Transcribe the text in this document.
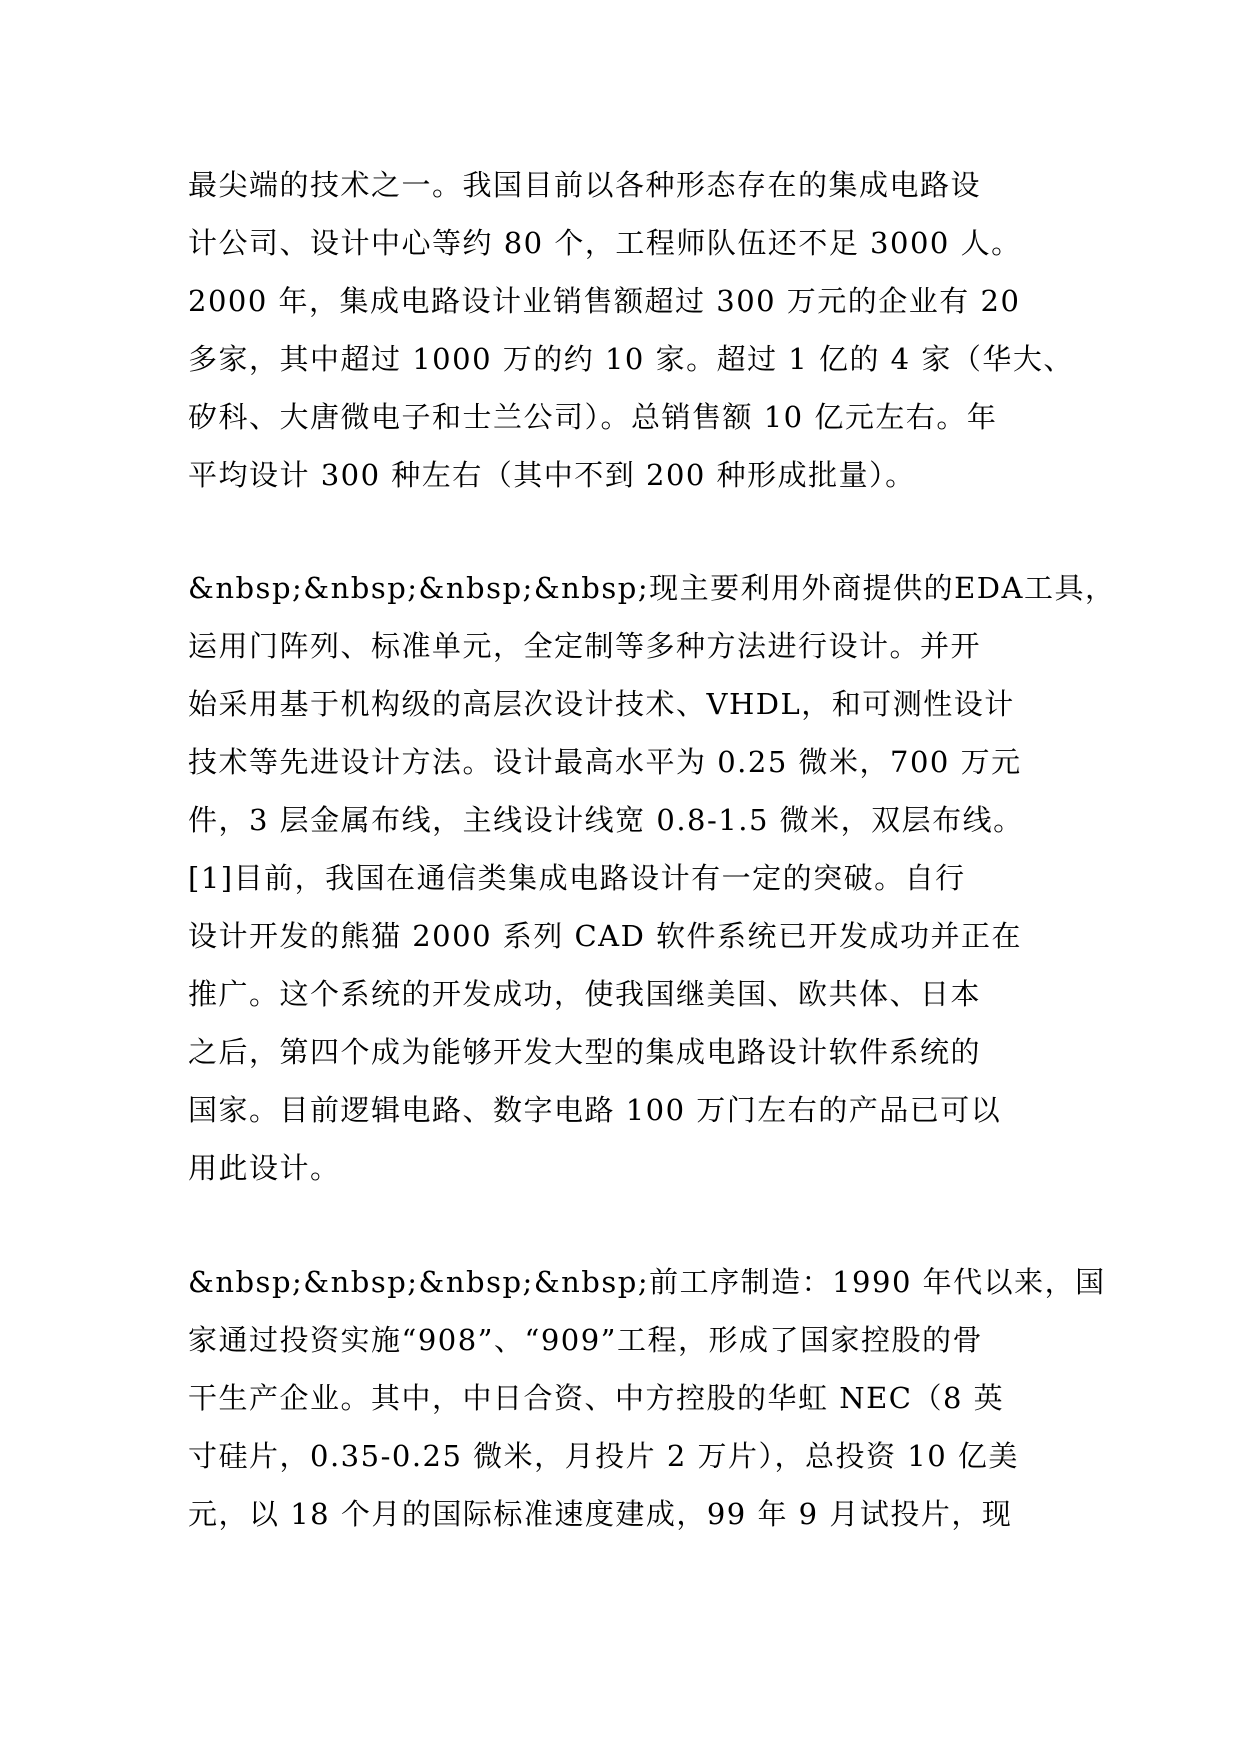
最尖端的技术之一。我国目前以各种形态存在的集成电路设
计公司、设计中心等约 80 个，工程师队伍还不足 3000 人。
2000 年，集成电路设计业销售额超过 300 万元的企业有 20
多家，其中超过 1000 万的约 10 家。超过 1 亿的 4 家（华大、
矽科、大唐微电子和士兰公司）。总销售额 10 亿元左右。年
平均设计 300 种左右（其中不到 200 种形成批量）。
&nbsp;&nbsp;&nbsp;&nbsp;现主要利用外商提供的EDA工具，
运用门阵列、标准单元，全定制等多种方法进行设计。并开
始采用基于机构级的高层次设计技术、VHDL，和可测性设计
技术等先进设计方法。设计最高水平为 0.25 微米，700 万元
件，3 层金属布线，主线设计线宽 0.8-1.5 微米，双层布线。
[1]目前，我国在通信类集成电路设计有一定的突破。自行
设计开发的熊猫 2000 系列 CAD 软件系统已开发成功并正在
推广。这个系统的开发成功，使我国继美国、欧共体、日本
之后，第四个成为能够开发大型的集成电路设计软件系统的
国家。目前逻辑电路、数字电路 100 万门左右的产品已可以
用此设计。
&nbsp;&nbsp;&nbsp;&nbsp;前工序制造：1990 年代以来，国
家通过投资实施“908”、“909”工程，形成了国家控股的骨
干生产企业。其中，中日合资、中方控股的华虹 NEC（8 英
寸硅片，0.35-0.25 微米，月投片 2 万片），总投资 10 亿美
元，以 18 个月的国际标准速度建成，99 年 9 月试投片，现
